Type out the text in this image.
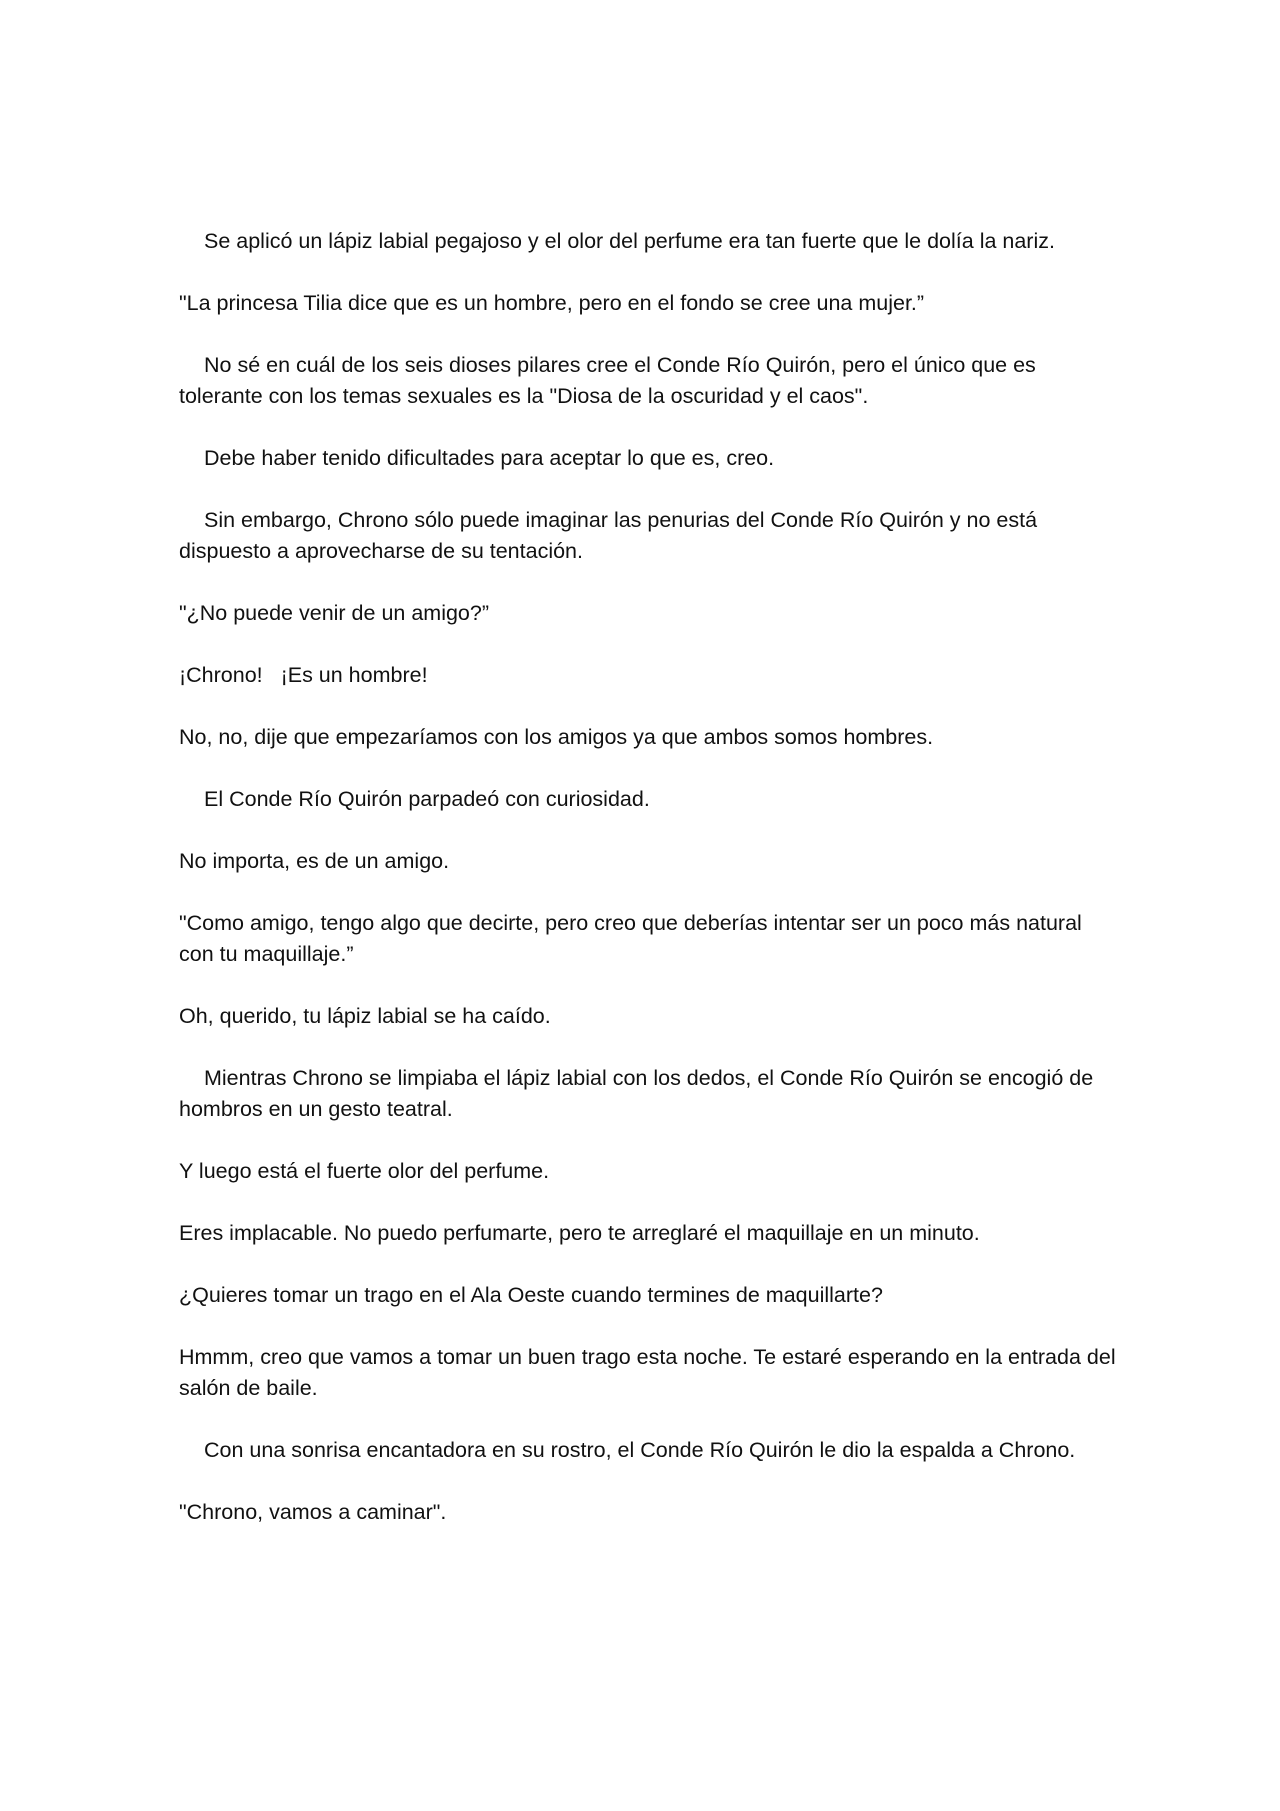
Se aplicó un lápiz labial pegajoso y el olor del perfume era tan fuerte que le dolía la nariz.

"La princesa Tilia dice que es un hombre, pero en el fondo se cree una mujer.”

No sé en cuál de los seis dioses pilares cree el Conde Río Quirón, pero el único que es tolerante con los temas sexuales es la "Diosa de la oscuridad y el caos".

Debe haber tenido dificultades para aceptar lo que es, creo.

Sin embargo, Chrono sólo puede imaginar las penurias del Conde Río Quirón y no está dispuesto a aprovecharse de su tentación.

"¿No puede venir de un amigo?”

¡Chrono!   ¡Es un hombre!

No, no, dije que empezaríamos con los amigos ya que ambos somos hombres.

El Conde Río Quirón parpadeó con curiosidad.

No importa, es de un amigo.

"Como amigo, tengo algo que decirte, pero creo que deberías intentar ser un poco más natural con tu maquillaje.”

Oh, querido, tu lápiz labial se ha caído.

Mientras Chrono se limpiaba el lápiz labial con los dedos, el Conde Río Quirón se encogió de hombros en un gesto teatral.

Y luego está el fuerte olor del perfume.

Eres implacable. No puedo perfumarte, pero te arreglaré el maquillaje en un minuto.

¿Quieres tomar un trago en el Ala Oeste cuando termines de maquillarte?

Hmmm, creo que vamos a tomar un buen trago esta noche. Te estaré esperando en la entrada del salón de baile.

Con una sonrisa encantadora en su rostro, el Conde Río Quirón le dio la espalda a Chrono.

"Chrono, vamos a caminar".
